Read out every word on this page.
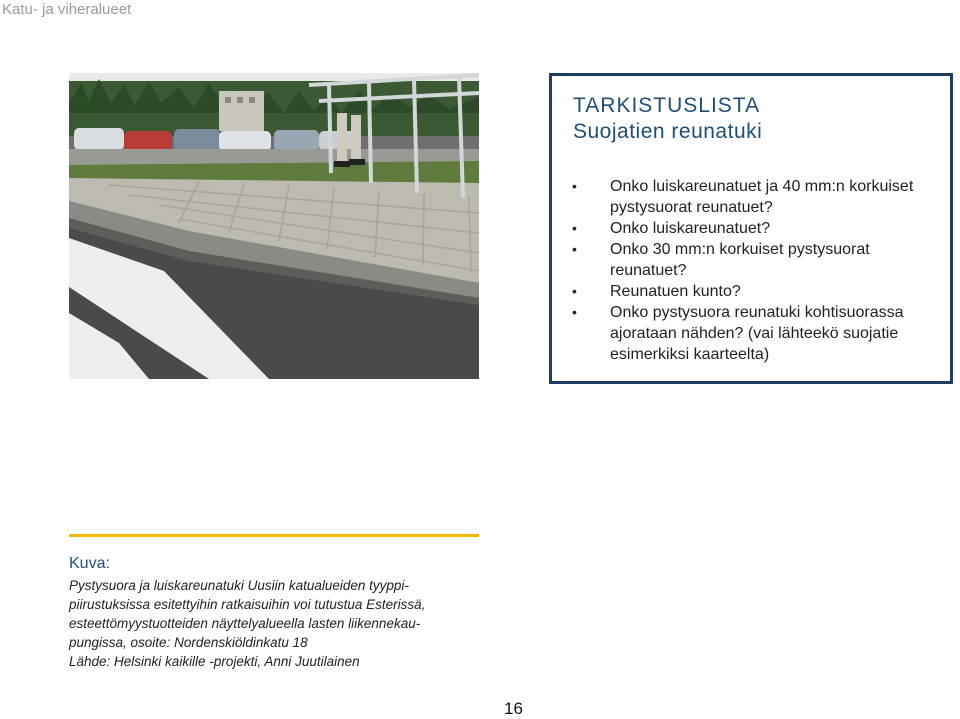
Katu- ja viheralueet
TARKISTUSLISTA
Suojatien reunatuki
• Onko luiskareunatuet ja 40 mm:n korkuiset
pystysuorat reunatuet?
• Onko luiskareunatuet?
• Onko 30 mm:n korkuiset pystysuorat
reunatuet?
• Reunatuen kunto?
• Onko pystysuora reunatuki kohtisuorassa
ajorataan nähden? (vai lähteekö suojatie
esimerkiksi kaarteelta)
Kuva:
Pystysuora ja luiskareunatuki Uusiin katualueiden tyyppi-
piirustuksissa esitettyihin ratkaisuihin voi tutustua Esterissä,
esteettömyystuotteiden näyttelyalueella lasten liikennekau-
pungissa, osoite: Nordenskiöldinkatu 18
Lähde: Helsinki kaikille -projekti, Anni Juutilainen
16
